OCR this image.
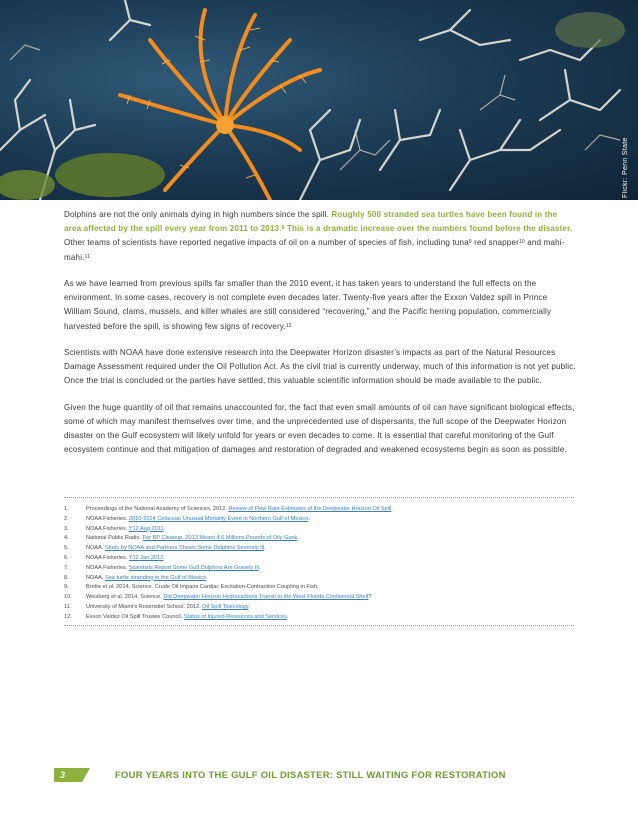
Flickr: Penn State

Dolphins are not the only animals dying in high numbers since the spill. Roughly 500 stranded sea turtles have been found in the area affected by the spill every year from 2011 to 2013.$^8$ This is a dramatic increase over the numbers found before the disaster. Other teams of scientists have reported negative impacts of oil on a number of species of fish, including tuna$^9$ red snapper$^{10}$ and mahi-mahi.$^{11}$

As we have learned from previous spills far smaller than the 2010 event, it has taken years to understand the full effects on the environment. In some cases, recovery is not complete even decades later. Twenty-five years after the Exxon Valdez spill in Prince William Sound, clams, mussels, and killer whales are still considered “recovering,” and the Pacific herring population, commercially harvested before the spill, is showing few signs of recovery.$^{12}$

Scientists with NOAA have done extensive research into the Deepwater Horizon disaster’s impacts as part of the Natural Resources Damage Assessment required under the Oil Pollution Act. As the civil trial is currently underway, much of this information is not yet public. Once the trial is concluded or the parties have settled, this valuable scientific information should be made available to the public.

Given the huge quantity of oil that remains unaccounted for, the fact that even small amounts of oil can have significant biological effects, some of which may manifest themselves over time, and the unprecedented use of dispersants, the full scope of the Deepwater Horizon disaster on the Gulf ecosystem will likely unfold for years or even decades to come. It is essential that careful monitoring of the Gulf ecosystem continue and that mitigation of damages and restoration of degraded and weakened ecosystems begin as soon as possible.

1.	Proceedings of the National Academy of Sciences. 2012. Review of Flow Rate Estimates of the Deepwater Horizon Oil Spill.
2.	NOAA Fisheries. 2010-2014 Cetacean Unusual Mortality Event in Northern Gulf of Mexico.
3.	NOAA Fisheries. Y12 Aug 2011.
4.	National Public Radio. For BP Cleanup, 2013 Meant 4.6 Millions Pounds of Oily Gunk.
5.	NOAA. Study by NOAA and Partners Shows Some Dolphins Severely Ill.
6.	NOAA Fisheries. Y12 Jan 2012.
7.	NOAA Fisheries. Scientists Report Some Gulf Dolphins Are Gravely Ill.
8.	NOAA. Sea turtle stranding in the Gulf of Mexico.
9.	Brette et al. 2014. Science. Crude Oil Impairs Cardiac Excitation-Contraction Coupling in Fish.
10.	Weisberg et al. 2014. Science. Did Deepwater Horizon Hydrocarbons Transit to the West Florida Continental Shelf?
11.	University of Miami’s Rosenstiel School. 2012. Oil Spill Toxicology.
12.	Exxon Valdez Oil Spill Trustee Council. Status of Injured Resources and Services.
3	FOUR YEARS INTO THE GULF OIL DISASTER: STILL WAITING FOR RESTORATION
